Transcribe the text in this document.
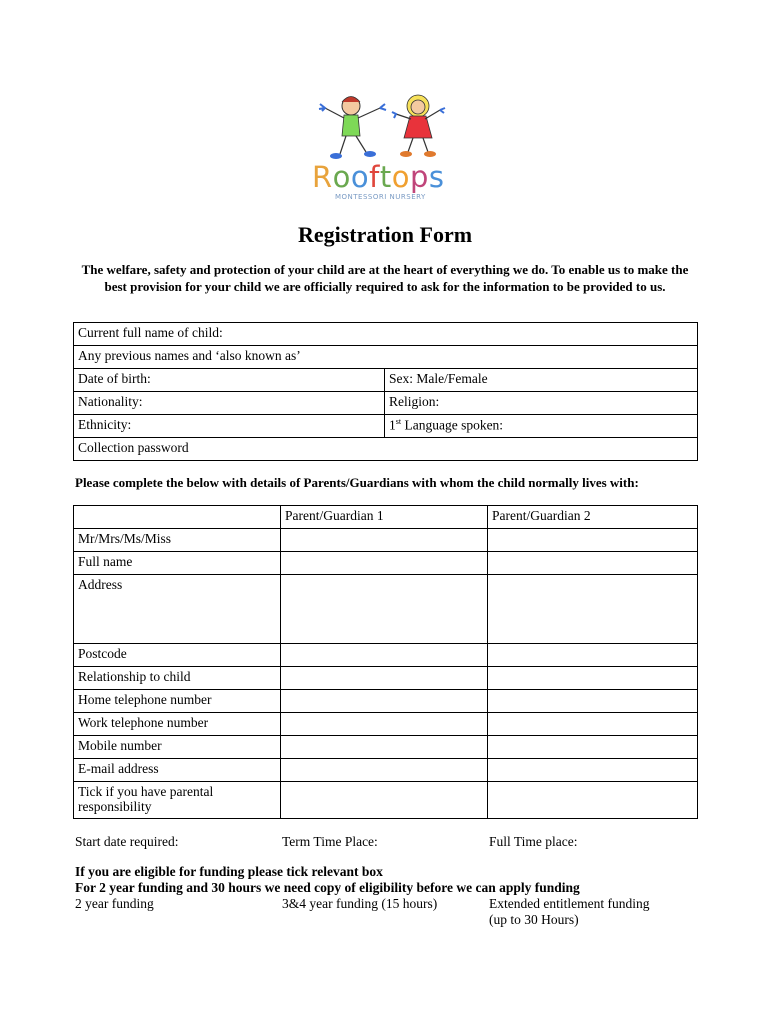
Rooftops
MONTESSORI NURSERY
Registration Form
The welfare, safety and protection of your child are at the heart of everything we do. To enable us to make the best provision for your child we are officially required to ask for the information to be provided to us.
Current full name of child:	
Any previous names and ‘also known as’	
Date of birth:	Sex: Male/Female
Nationality:	Religion:
Ethnicity:	1st Language spoken:
Collection password	
Please complete the below with details of Parents/Guardians with whom the child normally lives with:
	Parent/Guardian 1	Parent/Guardian 2
Mr/Mrs/Ms/Miss		
Full name		
Address		
Postcode		
Relationship to child		
Home telephone number		
Work telephone number		
Mobile number		
E-mail address		
Tick if you have parental
responsibility		
Start date required:	Term Time Place:	Full Time place:
If you are eligible for funding please tick relevant box
For 2 year funding and 30 hours we need copy of eligibility before we can apply funding
2 year funding	3&4 year funding (15 hours)	Extended entitlement funding
(up to 30 Hours)
